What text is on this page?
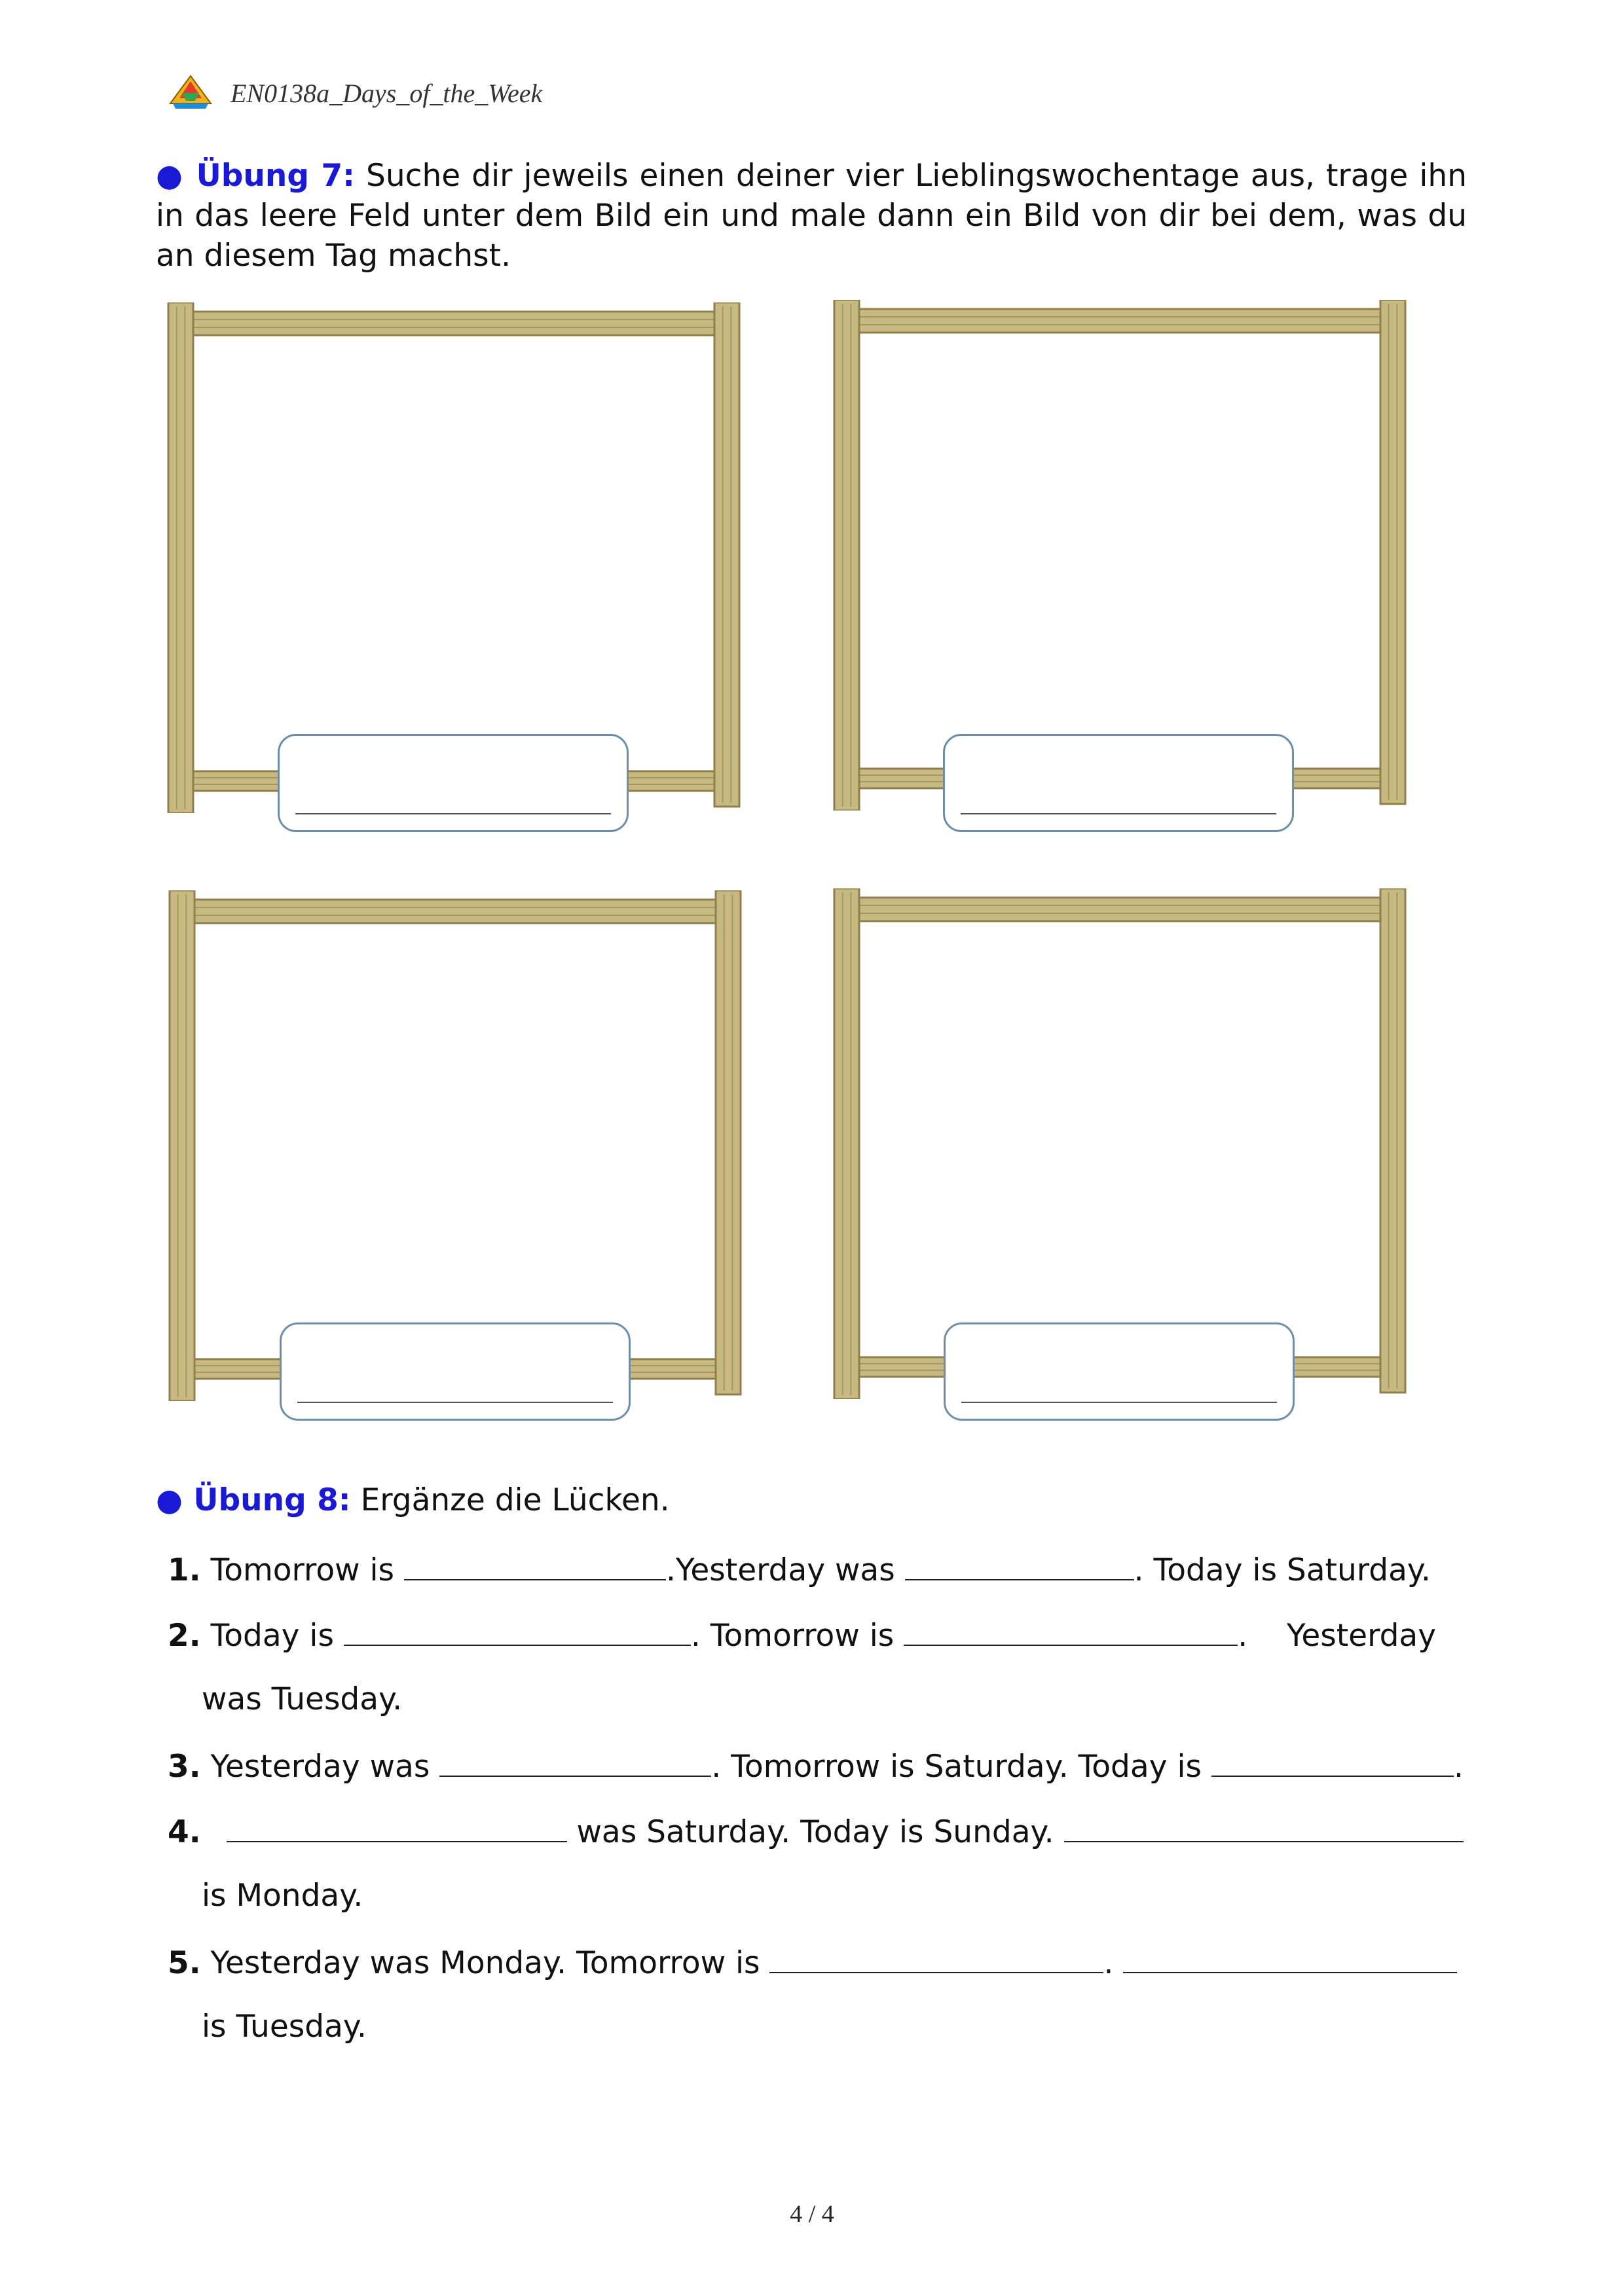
EN0138a_Days_of_the_Week
● Übung 7: Suche dir jeweils einen deiner vier Lieblingswochentage aus, trage ihn in das leere Feld unter dem Bild ein und male dann ein Bild von dir bei dem, was du an diesem Tag machst.
● Übung 8: Ergänze die Lücken.
1. Tomorrow is	.Yesterday was	. Today is Saturday.
2. Today is	. Tomorrow is	.    Yesterday
was Tuesday.
3. Yesterday was	. Tomorrow is Saturday. Today is	.
4.	was Saturday. Today is Sunday.
is Monday.
5. Yesterday was Monday. Tomorrow is	.
is Tuesday.
4 / 4
